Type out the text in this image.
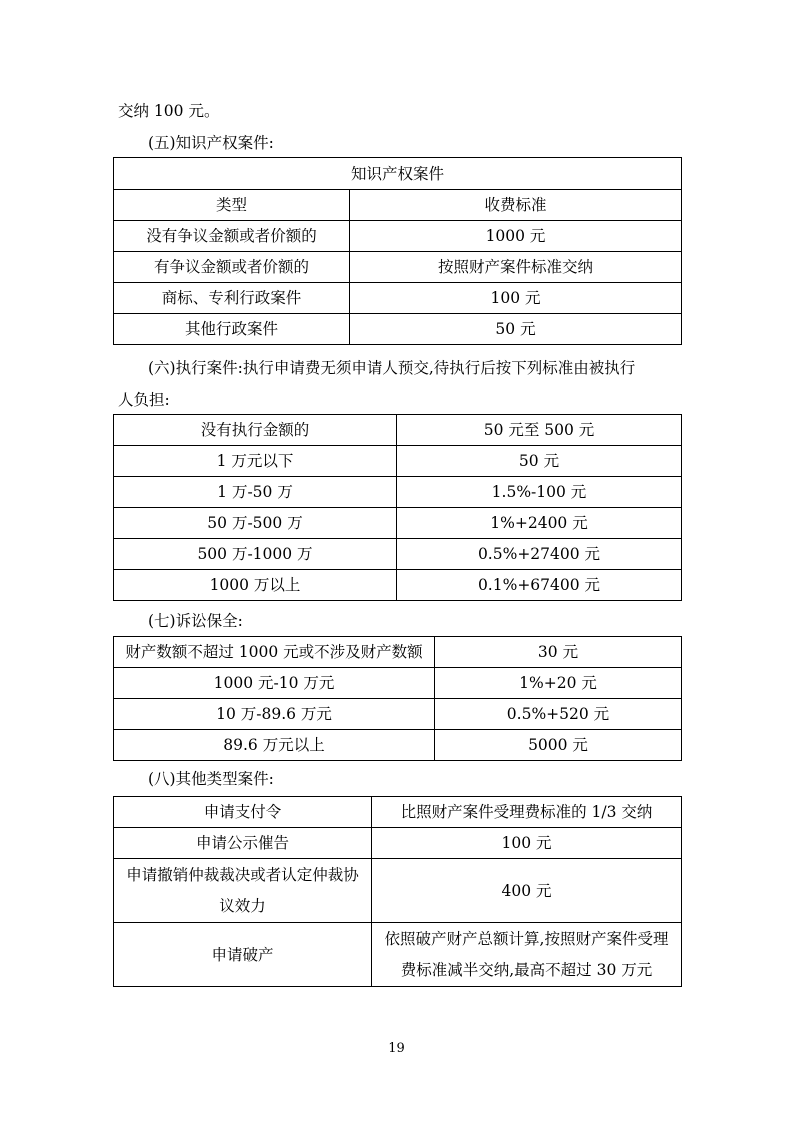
交纳 100 元。
(五)知识产权案件:
知识产权案件	
类型	收费标准
没有争议金额或者价额的	1000 元
有争议金额或者价额的	按照财产案件标准交纳
商标、专利行政案件	100 元
其他行政案件	50 元
(六)执行案件:执行申请费无须申请人预交,待执行后按下列标准由被执行
人负担:
没有执行金额的	50 元至 500 元
1 万元以下	50 元
1 万-50 万	1.5%-100 元
50 万-500 万	1%+2400 元
500 万-1000 万	0.5%+27400 元
1000 万以上	0.1%+67400 元
(七)诉讼保全:
财产数额不超过 1000 元或不涉及财产数额	30 元
1000 元-10 万元	1%+20 元
10 万-89.6 万元	0.5%+520 元
89.6 万元以上	5000 元
(八)其他类型案件:
申请支付令	比照财产案件受理费标准的 1/3 交纳
申请公示催告	100 元
申请撤销仲裁裁决或者认定仲裁协议效力	400 元
申请破产	依照破产财产总额计算,按照财产案件受理费标准减半交纳,最高不超过 30 万元
19
